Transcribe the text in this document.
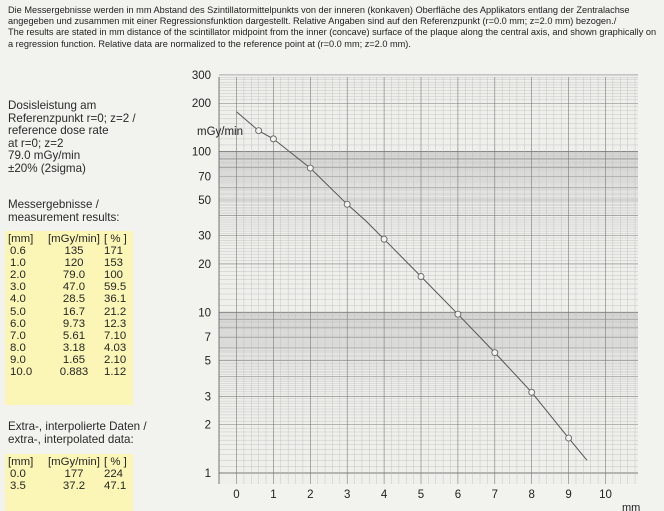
Die Messergebnisse werden in mm Abstand des Szintillatormittelpunkts von der inneren (konkaven) Oberfläche des Applikators entlang der Zentralachse angegeben und zusammen mit einer Regressionsfunktion dargestellt. Relative Angaben sind auf den Referenzpunkt (r=0.0 mm; z=2.0 mm) bezogen./
The results are stated in mm distance of the scintillator midpoint from the inner (concave) surface of the plaque along the central axis, and shown graphically on a regression function. Relative data are normalized to the reference point at (r=0.0 mm; z=2.0 mm).
Dosisleistung am
Referenzpunkt r=0; z=2 /
reference dose rate
at r=0; z=2
79.0 mGy/min
±20% (2sigma)
Messergebnisse /
measurement results:
[mm]	[mGy/min]	[ % ]
0.6	135	171
1.0	120	153
2.0	79.0	100
3.0	47.0	59.5
4.0	28.5	36.1
5.0	16.7	21.2
6.0	9.73	12.3
7.0	5.61	7.10
8.0	3.18	4.03
9.0	1.65	2.10
10.0	0.883	1.12
Extra-, interpolierte Daten /
extra-, interpolated data:
[mm]	[mGy/min]	[ % ]
0.0	177	224
3.5	37.2	47.1
1
2
3
5
7
10
20
30
50
70
100
200
300
0	1	2	3	4	5	6	7	8	9 10
mGy/min
mm
